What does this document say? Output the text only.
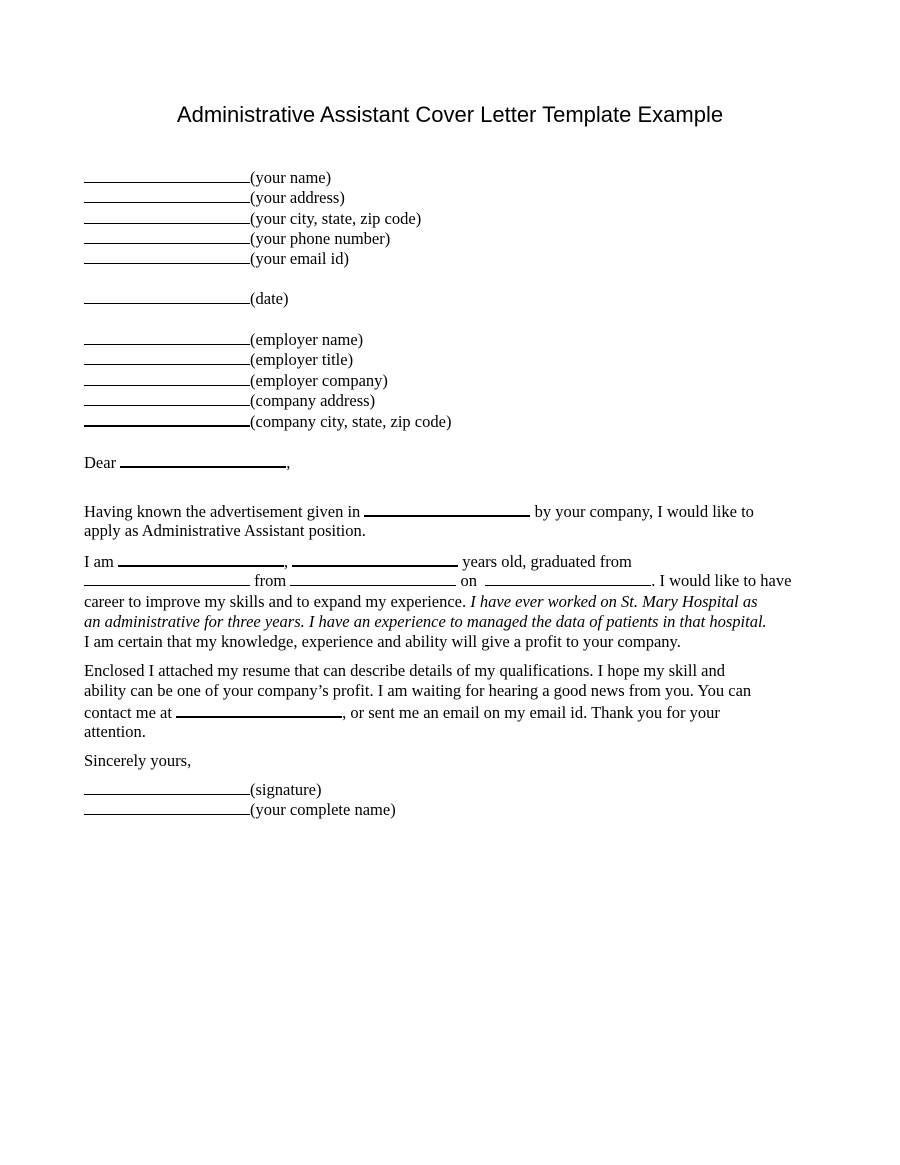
Administrative Assistant Cover Letter Template Example
(your name)
(your address)
(your city, state, zip code)
(your phone number)
(your email id)
(date)
(employer name)
(employer title)
(employer company)
(company address)
(company city, state, zip code)
Dear	,
Having known the advertisement given in	by your company, I would like to
apply as Administrative Assistant position.
I am	,	years old, graduated from
from	on	. I would like to have
career to improve my skills and to expand my experience. I have ever worked on St. Mary Hospital as
an administrative for three years. I have an experience to managed the data of patients in that hospital.
I am certain that my knowledge, experience and ability will give a profit to your company.
Enclosed I attached my resume that can describe details of my qualifications. I hope my skill and
ability can be one of your company’s profit. I am waiting for hearing a good news from you. You can
contact me at	, or sent me an email on my email id. Thank you for your
attention.
Sincerely yours,
(signature)
(your complete name)
